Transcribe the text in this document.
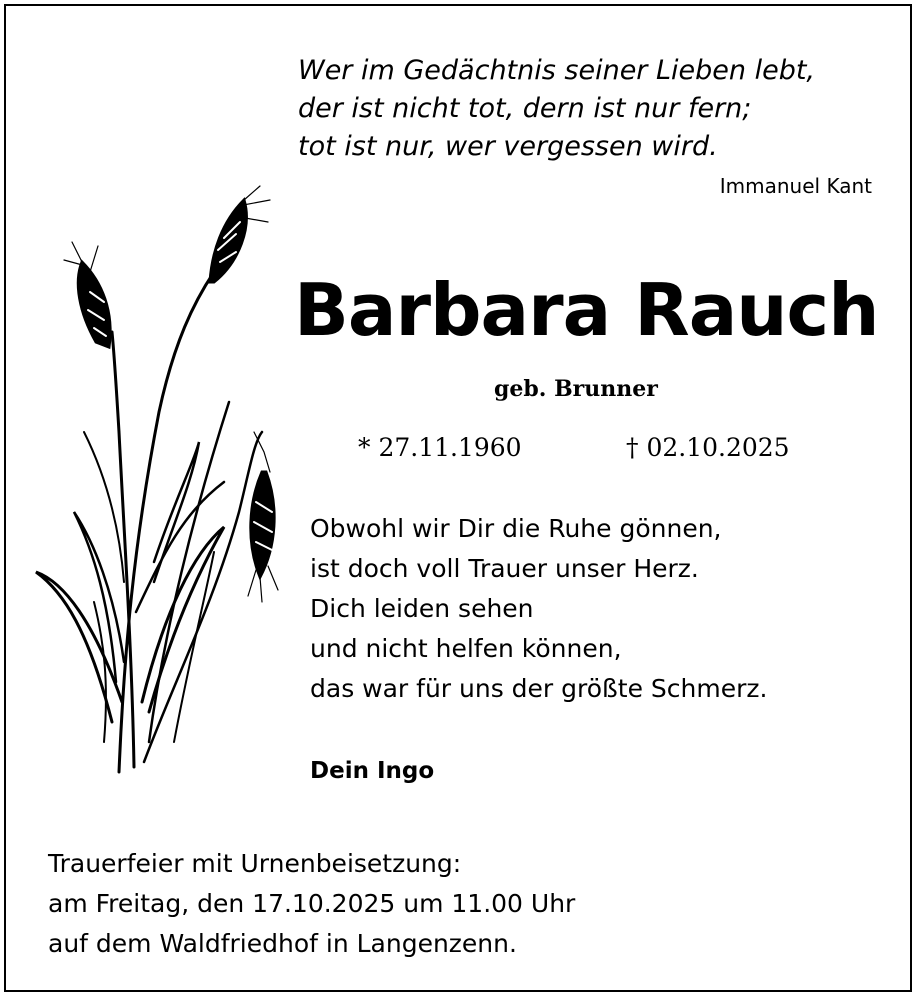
Wer im Gedächtnis seiner Lieben lebt,
der ist nicht tot, dern ist nur fern;
tot ist nur, wer vergessen wird.
Immanuel Kant
Barbara Rauch
geb. Brunner
* 27.11.1960	† 02.10.2025
Obwohl wir Dir die Ruhe gönnen,
ist doch voll Trauer unser Herz.
Dich leiden sehen
und nicht helfen können,
das war für uns der größte Schmerz.
Dein Ingo
Trauerfeier mit Urnenbeisetzung:
am Freitag, den 17.10.2025 um 11.00 Uhr
auf dem Waldfriedhof in Langenzenn.
